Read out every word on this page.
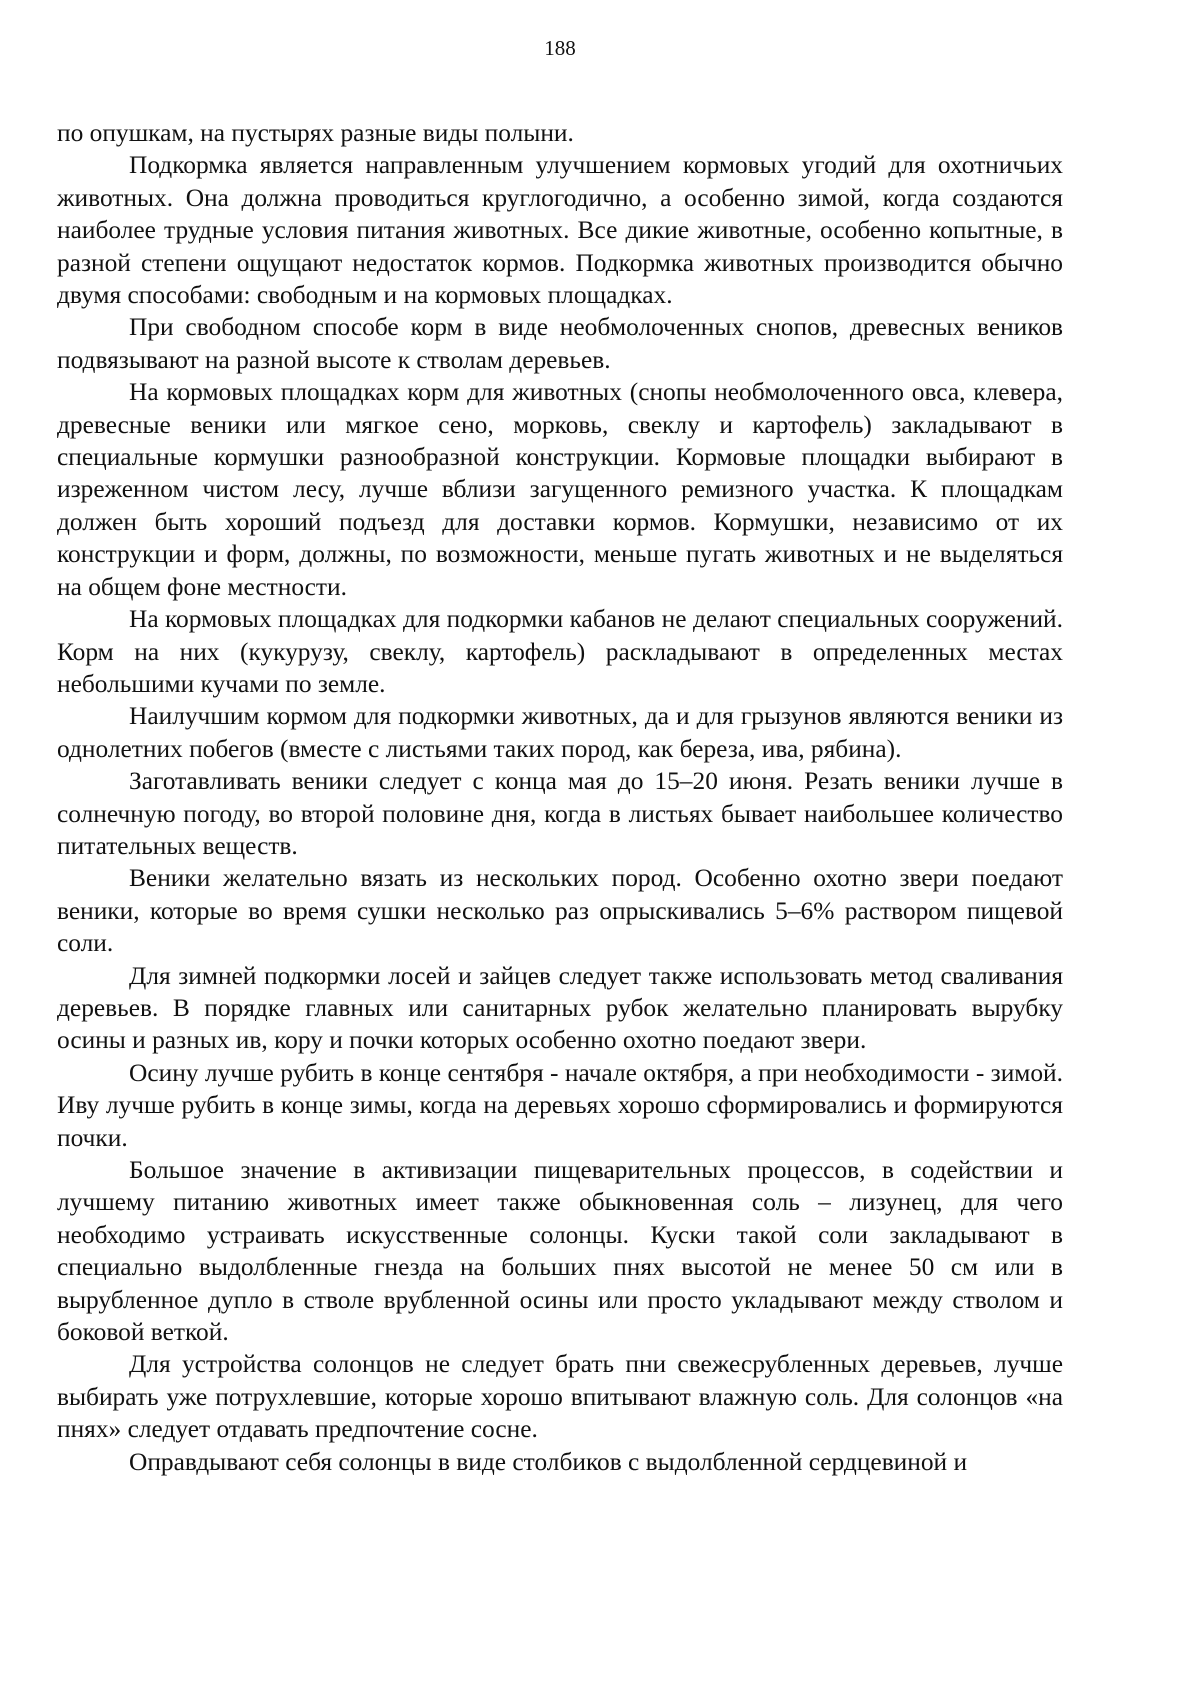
188

по опушкам, на пустырях разные виды полыни.

Подкормка является направленным улучшением кормовых угодий для охотничьих животных. Она должна проводиться круглогодично, а особенно зимой, когда создаются наиболее трудные условия питания животных. Все дикие животные, особенно копытные, в разной степени ощущают недостаток кормов. Подкормка животных производится обычно двумя способами: свободным и на кормовых площадках.

При свободном способе корм в виде необмолоченных снопов, древесных веников подвязывают на разной высоте к стволам деревьев.

На кормовых площадках корм для животных (снопы необмолоченного овса, клевера, древесные веники или мягкое сено, морковь, свеклу и картофель) закладывают в специальные кормушки разнообразной конструкции. Кормовые площадки выбирают в изреженном чистом лесу, лучше вблизи загущенного ремизного участка. К площадкам должен быть хороший подъезд для доставки кормов. Кормушки, независимо от их конструкции и форм, должны, по возможности, меньше пугать животных и не выделяться на общем фоне местности.

На кормовых площадках для подкормки кабанов не делают специальных сооружений. Корм на них (кукурузу, свеклу, картофель) раскладывают в определенных местах небольшими кучами по земле.

Наилучшим кормом для подкормки животных, да и для грызунов являются веники из однолетних побегов (вместе с листьями таких пород, как береза, ива, рябина).

Заготавливать веники следует с конца мая до 15–20 июня. Резать веники лучше в солнечную погоду, во второй половине дня, когда в листьях бывает наибольшее количество питательных веществ.

Веники желательно вязать из нескольких пород. Особенно охотно звери поедают веники, которые во время сушки несколько раз опрыскивались 5–6% раствором пищевой соли.

Для зимней подкормки лосей и зайцев следует также использовать метод сваливания деревьев. В порядке главных или санитарных рубок желательно планировать вырубку осины и разных ив, кору и почки которых особенно охотно поедают звери.

Осину лучше рубить в конце сентября - начале октября, а при необходимости - зимой. Иву лучше рубить в конце зимы, когда на деревьях хорошо сформировались и формируются почки.

Большое значение в активизации пищеварительных процессов, в содействии и лучшему питанию животных имеет также обыкновенная соль – лизунец, для чего необходимо устраивать искусственные солонцы. Куски такой соли закладывают в специально выдолбленные гнезда на больших пнях высотой не менее 50 см или в вырубленное дупло в стволе врубленной осины или просто укладывают между стволом и боковой веткой.

Для устройства солонцов не следует брать пни свежесрубленных деревьев, лучше выбирать уже потрухлевшие, которые хорошо впитывают влажную соль. Для солонцов «на пнях» следует отдавать предпочтение сосне.

Оправдывают себя солонцы в виде столбиков с выдолбленной сердцевиной и
